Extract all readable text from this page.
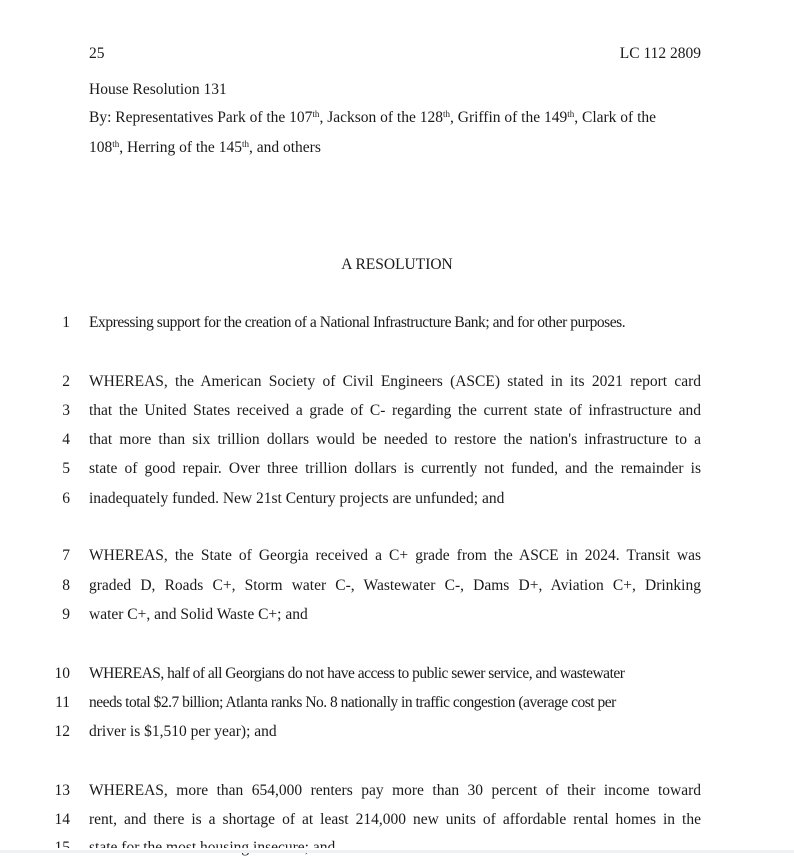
25	LC 112 2809
House Resolution 131
By: Representatives Park of the 107th, Jackson of the 128th, Griffin of the 149th, Clark of the
108th, Herring of the 145th, and others
A RESOLUTION
1 Expressing support for the creation of a National Infrastructure Bank; and for other purposes.
2 WHEREAS, the American Society of Civil Engineers (ASCE) stated in its 2021 report card
3 that the United States received a grade of C- regarding the current state of infrastructure and
4 that more than six trillion dollars would be needed to restore the nation's infrastructure to a
5 state of good repair. Over three trillion dollars is currently not funded, and the remainder is
6 inadequately funded. New 21st Century projects are unfunded; and
7 WHEREAS, the State of Georgia received a C+ grade from the ASCE in 2024. Transit was
8 graded D, Roads C+, Storm water C-, Wastewater C-, Dams D+, Aviation C+, Drinking
9 water C+, and Solid Waste C+; and
10 WHEREAS, half of all Georgians do not have access to public sewer service, and wastewater
11 needs total $2.7 billion; Atlanta ranks No. 8 nationally in traffic congestion (average cost per
12 driver is $1,510 per year); and
13 WHEREAS, more than 654,000 renters pay more than 30 percent of their income toward
14 rent, and there is a shortage of at least 214,000 new units of affordable rental homes in the
